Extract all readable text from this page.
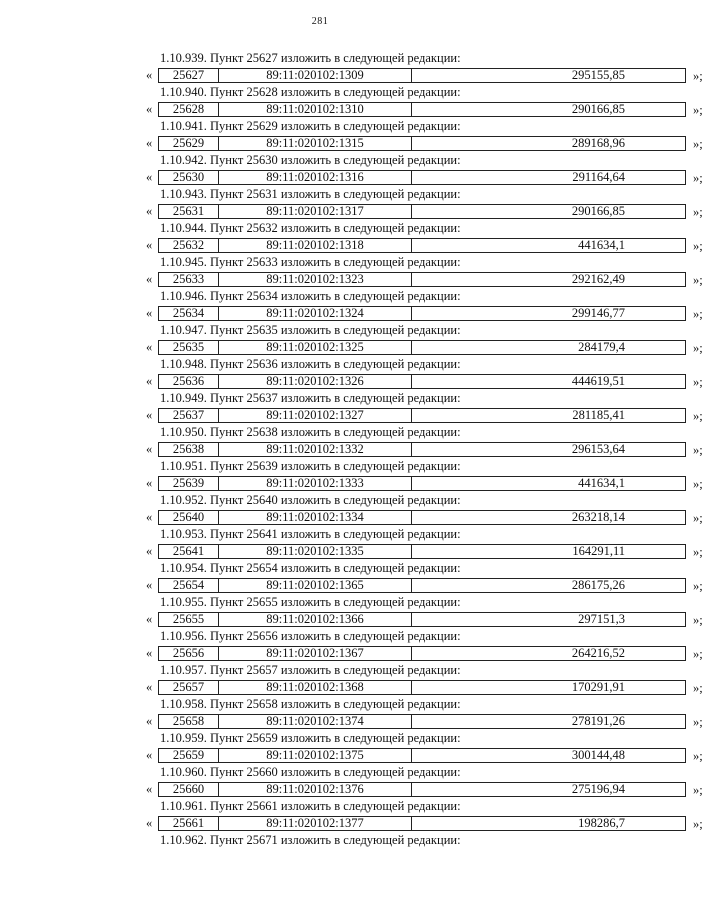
281
1.10.939. Пункт 25627 изложить в следующей редакции:
«	25627	89:11:020102:1309	295155,85	»;
1.10.940. Пункт 25628 изложить в следующей редакции:
«	25628	89:11:020102:1310	290166,85	»;
1.10.941. Пункт 25629 изложить в следующей редакции:
«	25629	89:11:020102:1315	289168,96	»;
1.10.942. Пункт 25630 изложить в следующей редакции:
«	25630	89:11:020102:1316	291164,64	»;
1.10.943. Пункт 25631 изложить в следующей редакции:
«	25631	89:11:020102:1317	290166,85	»;
1.10.944. Пункт 25632 изложить в следующей редакции:
«	25632	89:11:020102:1318	441634,1	»;
1.10.945. Пункт 25633 изложить в следующей редакции:
«	25633	89:11:020102:1323	292162,49	»;
1.10.946. Пункт 25634 изложить в следующей редакции:
«	25634	89:11:020102:1324	299146,77	»;
1.10.947. Пункт 25635 изложить в следующей редакции:
«	25635	89:11:020102:1325	284179,4	»;
1.10.948. Пункт 25636 изложить в следующей редакции:
«	25636	89:11:020102:1326	444619,51	»;
1.10.949. Пункт 25637 изложить в следующей редакции:
«	25637	89:11:020102:1327	281185,41	»;
1.10.950. Пункт 25638 изложить в следующей редакции:
«	25638	89:11:020102:1332	296153,64	»;
1.10.951. Пункт 25639 изложить в следующей редакции:
«	25639	89:11:020102:1333	441634,1	»;
1.10.952. Пункт 25640 изложить в следующей редакции:
«	25640	89:11:020102:1334	263218,14	»;
1.10.953. Пункт 25641 изложить в следующей редакции:
«	25641	89:11:020102:1335	164291,11	»;
1.10.954. Пункт 25654 изложить в следующей редакции:
«	25654	89:11:020102:1365	286175,26	»;
1.10.955. Пункт 25655 изложить в следующей редакции:
«	25655	89:11:020102:1366	297151,3	»;
1.10.956. Пункт 25656 изложить в следующей редакции:
«	25656	89:11:020102:1367	264216,52	»;
1.10.957. Пункт 25657 изложить в следующей редакции:
«	25657	89:11:020102:1368	170291,91	»;
1.10.958. Пункт 25658 изложить в следующей редакции:
«	25658	89:11:020102:1374	278191,26	»;
1.10.959. Пункт 25659 изложить в следующей редакции:
«	25659	89:11:020102:1375	300144,48	»;
1.10.960. Пункт 25660 изложить в следующей редакции:
«	25660	89:11:020102:1376	275196,94	»;
1.10.961. Пункт 25661 изложить в следующей редакции:
«	25661	89:11:020102:1377	198286,7	»;
1.10.962. Пункт 25671 изложить в следующей редакции:
